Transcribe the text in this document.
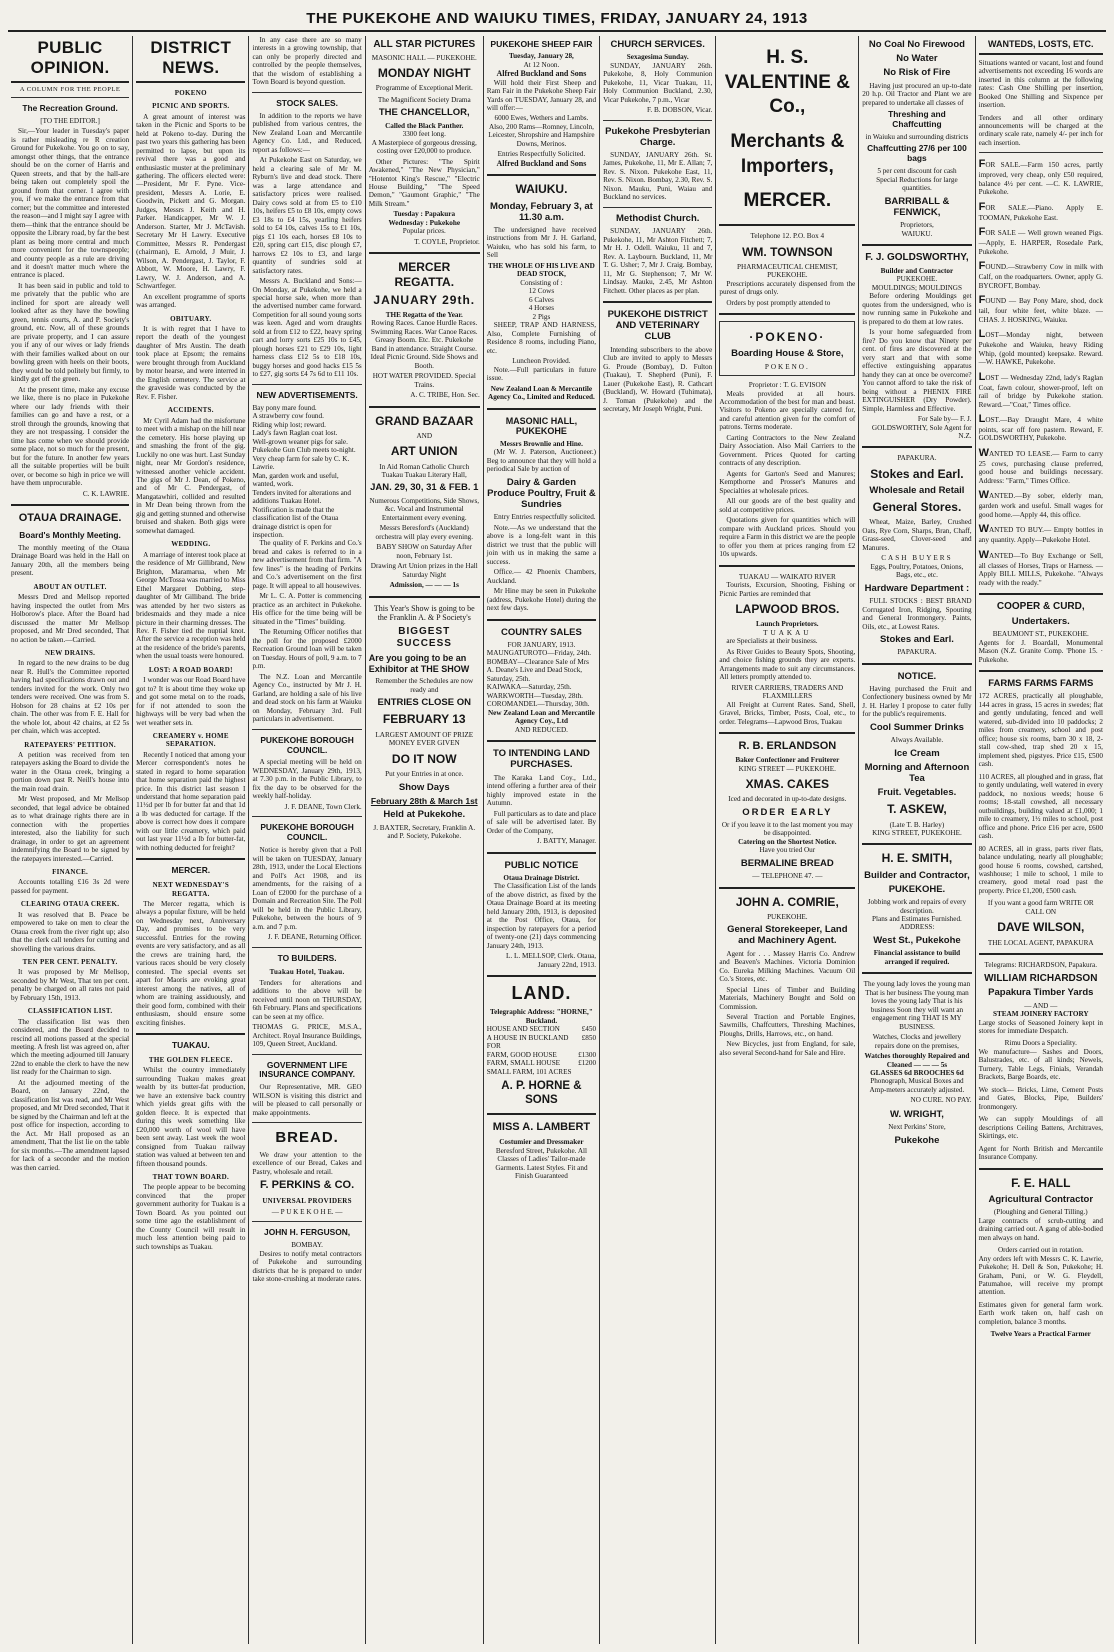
THE PUKEKOHE AND WAIUKU TIMES, FRIDAY, JANUARY 24, 1913
PUBLIC OPINION.
A COLUMN FOR THE PEOPLE
The Recreation Ground.
[TO THE EDITOR.]

Sir,—Your leader in Tuesday's paper is rather misleading re R creation Ground for Pukekohe. You go on to say, amongst other things, that the entrance should be on the corner of Harris and Queen streets, and that by the hall-are being taken out completely spoil the ground from that corner. I agree with you, if we make the entrance from that corner; but the committee and interested the reason—and I might say I agree with them—think that the entrance should be opposite the Library road, by far the best plant as being more central and much more convenient for the townspeople; and county people as a rule are driving and it doesn't matter much where the entrance is placed.

It has been said in public and told to me privately that the public who are inclined for sport are already well looked after as they have the bowling green, tennis courts, A. and P. Society's ground, etc. Now, all of these grounds are private property, and I can assure you if any of our wives or lady friends with their families walked about on our bowling green with heels on their boots, they would be told politely but firmly, to kindly get off the green.

At the present time, make any excuse we like, there is no place in Pukekohe where our lady friends with their families can go and have a rest, or a stroll through the grounds, knowing that they are not trespassing. I consider the time has come when we should provide some place, not so much for the present, but for the future. In another few years all the suitable properties will be built over, or become so high in price we will have them unprocurable.

C. K. LAWRIE.
OTAUA DRAINAGE.
Board's Monthly Meeting.

The monthly meeting of the Otaua Drainage Board was held in the Hall on January 20th, all the members being present.

ABOUT AN OUTLET.

Messrs Dred and Mellsop reported having inspected the outlet from Mrs Holborow's place. After the Board had discussed the matter Mr Mellsop proposed, and Mr Dred seconded, That no action be taken.—Carried.

NEW DRAINS.

In regard to the new drains to be dug near R. Hull's the Committee reported having had specifications drawn out and tenders invited for the work. Only two tenders were received. One was from S. Hobson for 28 chains at £2 10s per chain. The other was from F. E. Hall for the whole lot, about 42 chains, at £2 5s per chain, which was accepted.

RATEPAYERS' PETITION.

A petition was received from ten ratepayers asking the Board to divide the water in the Otaua creek, bringing a portion down past R. Neill's house into the main road drain.

Mr West proposed, and Mr Mellsop seconded, that legal advice be obtained as to what drainage rights there are in connection with the properties interested, also the liability for such drainage, in order to get an agreement indemnifying the Board to be signed by the ratepayers interested.—Carried.

FINANCE.

Accounts totalling £16 3s 2d were passed for payment.

CLEARING OTAUA CREEK.

It was resolved that B. Peace be empowered to take on men to clear the Otaua creek from the river right up; also that the clerk call tenders for cutting and shovelling the various drains.

TEN PER CENT. PENALTY.

It was proposed by Mr Mellsop, seconded by Mr West, That ten per cent. penalty be charged on all rates not paid by February 15th, 1913.

CLASSIFICATION LIST.

The classification list was then considered, and the Board decided to rescind all motions passed at the special meeting. A fresh list was agreed on, after which the meeting adjourned till January 22nd to enable the clerk to have the new list ready for the Chairman to sign.

At the adjourned meeting of the Board, on January 22nd, the classification list was read, and Mr West proposed, and Mr Dred seconded, That it be signed by the Chairman and left at the post office for inspection, according to the Act. Mr Hall proposed as an amendment, That the list lie on the table for six months.—The amendment lapsed for lack of a seconder and the motion was then carried.

DISTRICT NEWS.
POKENO
PICNIC AND SPORTS.

A great amount of interest was taken in the Picnic and Sports to be held at Pokeno to-day. During the past two years this gathering has been permitted to lapse, but upon its revival there was a good and enthusiastic muster at the preliminary gathering. The officers elected were:—President, Mr F. Pyne. Vice-president, Messrs A. Lorie, E. Goodwin, Pickett and G. Morgan. Judges, Messrs J. Keith and H. Parker. Handicapper, Mr W. J. Anderson. Starter, Mr J. McTavish. Secretary Mr H Lawry. Executive Committee, Messrs R. Pendergast (chairman), E. Arnold, J Muir, J. Wilson, A. Pendergast, J. Taylor, F. Abbott, W. Moore, H. Lawry, F. Lawry, W. J. Anderson, and A. Schwartfeger.

An excellent programme of sports was arranged.

OBITUARY.

It is with regret that I have to report the death of the youngest daughter of Mrs Austin. The death took place at Epsom; the remains were brought through from Auckland by motor hearse, and were interred in the English cemetery. The service at the graveside was conducted by the Rev. F. Fisher.

ACCIDENTS.

Mr Cyril Adam had the misfortune to meet with a mishap on the hill near the cemetery. His horse playing up and smashing the front of the gig. Luckily no one was hurt. Last Sunday night, near Mr Gordon's residence, witnessed another vehicle accident. The gigs of Mr J. Dean, of Pokeno, and of Mr C. Pendergast, of Mangatawhiri, collided and resulted in Mr Dean being thrown from the gig and getting stunned and otherwise bruised and shaken. Both gigs were somewhat damaged.

WEDDING.

A marriage of interest took place at the residence of Mr Gillibrand, New Brighton, Maramarua, when Mr George McTossa was married to Miss Ethel Margaret Dobbing, step-daughter of Mr Gilliband. The bride was attended by her two sisters as bridesmaids and they made a nice picture in their charming dresses. The Rev. F. Fisher tied the nuptial knot. After the service a reception was held at the residence of the bride's parents, when the usual toasts were honoured.

LOST: A ROAD BOARD!

I wonder was our Road Board have got to? It is about time they woke up and got some metal on to the roads, for if not attended to soon the highways will be very bad when the wet weather sets in.

CREAMERY v. HOME SEPARATION.

Recently I noticed that among your Mercer correspondent's notes he stated in regard to home separation that home separation paid the highest price. In this district last season I understand that home separation paid 11½d per lb for butter fat and that 1d a lb was deducted for cartage. If the above is correct how does it compare with our little creamery, which paid out last year 11½d a lb for butter-fat, with nothing deducted for freight?

MERCER.
NEXT WEDNESDAY'S REGATTA.

The Mercer regatta, which is always a popular fixture, will be held on Wednesday next, Anniversary Day, and promises to be very successful. Entries for the rowing events are very satisfactory, and as all the crews are training hard, the various races should be very closely contested. The special events set apart for Maoris are evoking great interest among the natives, all of whom are training assiduously, and their good form, combined with their enthusiasm, should ensure some exciting finishes.

TUAKAU.
THE GOLDEN FLEECE.

Whilst the country immediately surrounding Tuakau makes great wealth by its butter-fat production, we have an extensive back country which yields great gifts with the golden fleece. It is expected that during this week something like £20,000 worth of wool will have been sent away. Last week the wool consigned from Tuakau railway station was valued at between ten and fifteen thousand pounds.

THAT TOWN BOARD.

The people appear to be becoming convinced that the proper government authority for Tuakau is a Town Board. As you pointed out some time ago the establishment of the County Council will result in much less attention being paid to such townships as Tuakau.

In any case there are so many interests in a growing township, that can only be properly directed and controlled by the people themselves, that the wisdom of establishing a Town Board is beyond question.

STOCK SALES.

In addition to the reports we have published from various centres, the New Zealand Loan and Mercantile Agency Co. Ltd., and Reduced, report as follows:—

At Pukekohe East on Saturday, we held a clearing sale of Mr M. Ryburn's live and dead stock. There was a large attendance and satisfactory prices were realised. Dairy cows sold at from £5 to £10 10s, heifers £5 to £8 10s, empty cows £3 18s to £4 15s, yearling heifers sold to £4 10s, calves 15s to £1 10s, pigs £1 10s each, horses £8 10s to £20, spring cart £15, disc plough £7, harrows £2 10s to £3, and large quantity of sundries sold at satisfactory rates.

Messrs A. Buckland and Sons:—On Monday, at Pukekohe, we held a special horse sale, when more than the advertised number came forward. Competition for all sound young sorts was keen. Aged and worn draughts sold at from £12 to £22, heavy spring cart and lorry sorts £25 10s to £45, plough horses £21 to £29 10s, light harness class £12 5s to £18 10s, buggy horses and good hacks £15 5s to £27, gig sorts £4 7s 6d to £11 10s.

NEW ADVERTISEMENTS.
Bay pony mare found.
A strawberry cow found.
Riding whip lost; reward.
Lady's fawn Raglan coat lost.
Well-grown weaner pigs for sale.
Pukekohe Gun Club meets to-night.
Very cheap farm for sale by C. K. Lawrie.
Man, garden work and useful, wanted, work.
Tenders invited for alterations and additions Tuakau Hotel.
Notification is made that the classification list of the Otaua drainage district is open for inspection.

The quality of F. Perkins and Co.'s bread and cakes is referred to in a new advertisement from that firm. "A few lines" is the heading of Perkins and Co.'s advertisement on the first page. It will appeal to all housewives.

Mr L. C. A. Potter is commencing practice as an architect in Pukekohe. His office for the time being will be situated in the "Times" building.

The Returning Officer notifies that the poll for the proposed £2000 Recreation Ground loan will be taken on Tuesday. Hours of poll, 9 a.m. to 7 p.m.

The N.Z. Loan and Mercantile Agency Co., instructed by Mr J. H. Garland, are holding a sale of his live and dead stock on his farm at Waiuku on Monday, February 3rd. Full particulars in advertisement.

PUKEKOHE BOROUGH COUNCIL.

A special meeting will be held on WEDNESDAY, January 29th, 1913, at 7.30 p.m. in the Public Library, to fix the day to be observed for the weekly half-holiday.

J. F. DEANE, Town Clerk.
PUKEKOHE BOROUGH COUNCIL.

Notice is hereby given that a Poll will be taken on TUESDAY, January 28th, 1913, under the Local Elections and Poll's Act 1908, and its amendments, for the raising of a Loan of £2000 for the purchase of a Domain and Recreation Site. The Poll will be held in the Public Library, Pukekohe, between the hours of 9 a.m. and 7 p.m.

J. F. DEANE, Returning Officer.
TO BUILDERS.
Tuakau Hotel, Tuakau.

Tenders for alterations and additions to the above will be received until noon on THURSDAY, 6th February. Plans and specifications can be seen at my office.

THOMAS G. PRICE, M.S.A., Architect. Royal Insurance Buildings, 109, Queen Street, Auckland.

GOVERNMENT LIFE INSURANCE COMPANY.

Our Representative, MR. GEO WILSON is visiting this district and will be pleased to call personally or make appointments.

BREAD.

We draw your attention to the excellence of our Bread, Cakes and Pastry, wholesale and retail.

F. PERKINS & CO.
UNIVERSAL PROVIDERS
— P U K E K O H E. —
JOHN H. FERGUSON,
BOMBAY.

Desires to notify metal contractors of Pukekohe and surrounding districts that he is prepared to under take stone-crushing at moderate rates.

ALL STAR PICTURES
MASONIC HALL — PUKEKOHE.
MONDAY NIGHT
Programme of Exceptional Merit.
The Magnificent Society Drama
THE CHANCELLOR,
Called the Black Panther.
3300 feet long.

A Masterpiece of gorgeous dressing, costing over £20,000 to produce.

Other Pictures: "The Spirit Awakened," "The New Physician," "Hotentot King's Rescue," "Electric House Building," "The Speed Demon," "Gaumont Graphic," "The Milk Stream."

Tuesday : Papakura
Wednesday : Pukekohe
Popular prices.
T. COYLE, Proprietor.
MERCER REGATTA.
JANUARY 29th.
THE Regatta of the Year.

Rowing Races. Canoe Hurdle Races. Swimming Races. War Canoe Races. Greasy Boom. Etc. Etc. Pukekohe Band in attendance. Straight Course. Ideal Picnic Ground. Side Shows and Booth.

HOT WATER PROVIDED. Special Trains.
A. C. TRIBE, Hon. Sec.
GRAND BAZAAR
AND
ART UNION
In Aid Roman Catholic Church Tuakau Tuakau Literary Hall,
JAN. 29, 30, 31 & FEB. 1

Numerous Competitions, Side Shows, &c. Vocal and Instrumental Entertainment every evening.

Messrs Beresford's (Auckland) orchestra will play every evening.

BABY SHOW on Saturday After noon, February 1st.

Drawing Art Union prizes in the Hall Saturday Night

Admission, — — — 1s
This Year's Show is going to be the Franklin A. & P Society's
BIGGEST SUCCESS
Are you going to be an Exhibitor at THE SHOW
Remember the Schedules are now ready and
ENTRIES CLOSE ON
FEBRUARY 13
LARGEST AMOUNT OF PRIZE MONEY EVER GIVEN
DO IT NOW
Put your Entries in at once.
Show Days
February 28th & March 1st
Held at Pukekohe.

J. BAXTER, Secretary, Franklin A. and P. Society, Pukekohe.

PUKEKOHE SHEEP FAIR
Tuesday, January 28,
At 12 Noon.
Alfred Buckland and Sons

Will hold their First Sheep and Ram Fair in the Pukekohe Sheep Fair Yards on TUESDAY, January 28, and will offer:—

6000 Ewes, Wethers and Lambs. Also, 200 Rams—Romney, Lincoln, Leicester, Shropshire and Hampshire Downs, Merinos.

Entries Respectfully Solicited.
Alfred Buckland and Sons
WAIUKU.
Monday, February 3, at 11.30 a.m.

The undersigned have received instructions from Mr J. H. Garland, Waiuku, who has sold his farm, to Sell

THE WHOLE OF HIS LIVE AND DEAD STOCK,
Consisting of :
12 Cows
6 Calves
4 Horses
2 Pigs

SHEEP, TRAP AND HARNESS, Also, Complete Furnishing of Residence 8 rooms, including Piano, etc.

Luncheon Provided.

Note.—Full particulars in future issue.

New Zealand Loan & Mercantile Agency Co., Limited and Reduced.
MASONIC HALL, PUKEKOHE
Messrs Brownlie and Hine.

(Mr W. J. Paterson, Auctioneer.) Beg to announce that they will hold a periodical Sale by auction of

Dairy & Garden Produce Poultry, Fruit & Sundries

Entry Entries respectfully solicited.

Note.—As we understand that the above is a long-felt want in this district we trust that the public will join with us in making the same a success.

Office.— 42 Phoenix Chambers, Auckland.

Mr Hine may be seen in Pukekohe (address, Pukekohe Hotel) during the next few days.

COUNTRY SALES
FOR JANUARY, 1913.
MAUNGATUROTO—Friday, 24th.
BOMBAY—Clearance Sale of Mrs A. Deane's Live and Dead Stock, Saturday, 25th.
KAIWAKA—Saturday, 25th.
WARKWORTH—Tuesday, 28th.
COROMANDEL—Thursday, 30th.
New Zealand Loan and Mercantile Agency Coy., Ltd
AND REDUCED.
TO INTENDING LAND PURCHASES.

The Karaka Land Coy., Ltd., intend offering a further area of their highly improved estate in the Autumn.

Full particulars as to date and place of sale will be advertised later. By Order of the Company,

J. BATTY, Manager.
PUBLIC NOTICE
Otaua Drainage District.

The Classification List of the lands of the above district, as fixed by the Otaua Drainage Board at its meeting held January 20th, 1913, is deposited at the Post Office, Otaua, for inspection by ratepayers for a period of twenty-one (21) days commencing January 24th, 1913.

L. L. MELLSOP, Clerk. Otaua, January 22nd, 1913.
LAND.
Telegraphic Address: "HORNE," Buckland.
HOUSE AND SECTION	£450
A HOUSE IN BUCKLAND FOR
£850
FARM, GOOD HOUSE	£1300
FARM, SMALL HOUSE	£1200
SMALL FARM, 101 ACRES
A. P. HORNE & SONS
MISS A. LAMBERT
Costumier and Dressmaker

Beresford Street, Pukekohe. All Classes of Ladies' Tailor-made Garments. Latest Styles. Fit and Finish Guaranteed

CHURCH SERVICES.
Sexagesima Sunday.

SUNDAY, JANUARY 26th. Pukekohe, 8, Holy Communion Pukekohe, 11, Vicar Tuakau, 11, Holy Communion Buckland, 2.30, Vicar Pukekohe, 7 p.m., Vicar

F. B. DOBSON, Vicar.
Pukekohe Presbyterian Charge.

SUNDAY, JANUARY 26th. St. James, Pukekohe, 11, Mr E. Allan; 7, Rev. S. Nixon. Pukekohe East, 11, Rev. S. Nixon. Bombay, 2.30, Rev. S. Nixon. Mauku, Puni, Waiau and Buckland no services.

Methodist Church.

SUNDAY, JANUARY 26th. Pukekohe, 11, Mr Ashton Fitchett; 7, Mr H. J. Odell. Waiuku, 11 and 7, Rev. A. Laybourn. Buckland, 11, Mr T. G. Usher; 7, Mr J. Craig. Bombay, 11, Mr G. Stephenson; 7, Mr W. Lindsay. Mauku, 2.45, Mr Ashton Fitchett. Other places as per plan.

PUKEKOHE DISTRICT AND VETERINARY CLUB

Intending subscribers to the above Club are invited to apply to Messrs G. Proude (Bombay), D. Fulton (Tuakau), T. Shepherd (Puni), F. Lauer (Pukekohe East), R. Cathcart (Buckland), W. Howard (Tuhimata), J. Toman (Pukekohe) and the secretary, Mr Joseph Wright, Puni.

H. S. VALENTINE & Co.,
Merchants & Importers,
MERCER.
Telephone 12. P.O. Box 4
WM. TOWNSON
PHARMACEUTICAL CHEMIST, PUKEKOHE.

Prescriptions accurately dispensed from the purest of drugs only.

Orders by post promptly attended to

·POKENO·
Boarding House & Store,
POKENO.
Proprietor : T. G. EVISON

Meals provided at all hours. Accommodation of the best for man and beast. Visitors to Pokeno are specially catered for, and careful attention given for the comfort of patrons. Terms moderate.

Carting Contractors to the New Zealand Dairy Association. Also Mail Carriers to the Government. Prices Quoted for carting contracts of any description.

Agents for Garton's Seed and Manures; Kempthorne and Prosser's Manures and Specialties at wholesale prices.

All our goods are of the best quality and sold at competitive prices.

Quotations given for quantities which will compare with Auckland prices. Should you require a Farm in this district we are the people to offer you them at prices ranging from £2 10s upwards.

TUAKAU — WAIKATO RIVER

Tourists, Excursion, Shooting, Fishing or Picnic Parties are reminded that

LAPWOOD BROS.
Launch Proprietors.
TUAKAU

are Specialists at their business.

As River Guides to Beauty Spots, Shooting, and choice fishing grounds they are experts. Arrangements made to suit any circumstances. All letters promptly attended to.

RIVER CARRIERS, TRADERS AND FLAXMILLERS

All Freight at Current Rates. Sand, Shell, Gravel, Bricks, Timber, Posts, Coal, etc., to order. Telegrams—Lapwood Bros, Tuakau

R. B. ERLANDSON
Baker Confectioner and Fruiterer
KING STREET — PUKEKOHE.
XMAS. CAKES
Iced and decorated in up-to-date designs.
ORDER EARLY
Or if you leave it to the last moment you may be disappointed.
Catering on the Shortest Notice.
Have you tried Our
BERMALINE BREAD
— TELEPHONE 47. —
JOHN A. COMRIE,
PUKEKOHE.
General Storekeeper, Land and Machinery Agent.

Agent for . . . Massey Harris Co. Andrew and Beaven's Machines. Victoria Dominion Co. Eureka Milking Machines. Vacuum Oil Co.'s Stores, etc.

Special Lines of Timber and Building Materials, Machinery Bought and Sold on Commission.

Several Traction and Portable Engines, Sawmills, Chaffcutters, Threshing Machines, Ploughs, Drills, Harrows, etc., on hand.

New Bicycles, just from England, for sale, also several Second-hand for Sale and Hire.

No Coal No Firewood
No Water
No Risk of Fire

Having just procured an up-to-date 20 h.p. Oil Tractor and Plant we are prepared to undertake all classes of

Threshing and Chaffcutting
in Waiuku and surrounding districts
Chaffcutting 27/6 per 100 bags
5 per cent discount for cash
Special Reductions for large quantities.
BARRIBALL & FENWICK,
Proprietors,
WAIUKU.
F. J. GOLDSWORTHY,
Builder and Contractor
PUKEKOHE.
MOULDINGS; MOULDINGS

Before ordering Mouldings get quotes from the undersigned, who is now running same in Pukekohe and is prepared to do them at low rates.

Is your home safeguarded from fire? Do you know that Ninety per cent. of fires are discovered at the very start and that with some effective extinguishing apparatus handy they can at once be overcome? You cannot afford to take the risk of being without a PHENIX FIRE EXTINGUISHER (Dry Powder). Simple, Harmless and Effective.

For Sale by— F. J. GOLDSWORTHY, Sole Agent for N.Z.
PAPAKURA.
Stokes and Earl.
Wholesale and Retail
General Stores.

Wheat, Maize, Barley, Crushed Oats, Rye Corn, Sharps, Bran, Chaff, Grass-seed, Clover-seed and Manures.

CASH BUYERS
Eggs, Poultry, Potatoes, Onions, Bags, etc., etc.
Hardware Department :

FULL STOCKS : BEST BRAND Corrugated Iron, Ridging, Spouting and General Ironmongery. Paints, Oils, etc., at Lowest Rates.

Stokes and Earl.
PAPAKURA.
NOTICE.

Having purchased the Fruit and Confectionery business owned by Mr J. H. Harley I propose to cater fully for the public's requirements.

Cool Summer Drinks
Always Available.
Ice Cream
Morning and Afternoon Tea
Fruit. Vegetables.
T. ASKEW,
(Late T. B. Harley)
KING STREET, PUKEKOHE.
H. E. SMITH,
Builder and Contractor,
PUKEKOHE.
Jobbing work and repairs of every description.
Plans and Estimates Furnished.
ADDRESS:
West St., Pukekohe
Financial assistance to build arranged if required.

The young lady loves the young man That is her business The young man loves the young lady That is his business Soon they will want an engagement ring THAT IS MY BUSINESS.

Watches, Clocks and jewellery repairs done on the premises,

Watches thoroughly Repaired and Cleaned — — — 5s
GLASSES 6d BROOCHES 6d
Phonograph, Musical Boxes and Amp-meters accurately adjusted.
NO CURE. NO PAY.
W. WRIGHT,
Next Perkins' Store,
Pukekohe
WANTEDS, LOSTS, ETC.

Situations wanted or vacant, lost and found advertisements not exceeding 16 words are inserted in this column at the following rates: Cash One Shilling per insertion, Booked One Shilling and Sixpence per insertion.

Tenders and all other ordinary announcements will be charged at the ordinary scale rate, namely 4/- per inch for each insertion.

FOR SALE.—Farm 150 acres, partly improved, very cheap, only £50 required, balance 4½ per cent. —C. K. LAWRIE, Pukekohe.

FOR SALE.—Piano. Apply E. TOOMAN, Pukekohe East.

FOR SALE — Well grown weaned Pigs.—Apply, E. HARPER, Rosedale Park, Pukekohe.

FOUND.—Strawberry Cow in milk with Calf, on the roadquarters. Owner, apply G. BYCROFT, Bombay.

FOUND — Bay Pony Mare, shod, dock tail, four white feet, white blaze. — CHAS. J. HOSKING, Waiuku.

LOST—Monday night, between Pukekohe and Waiuku, heavy Riding Whip, (gold mounted) keepsake. Reward.—W. HAWKE, Pukekohe.

LOST — Wednesday 22nd, lady's Raglan Coat, fawn colour, shower-proof, left on rail of bridge by Pukekohe station. Reward.—"Coat," Times office.

LOST.—Bay Draught Mare, 4 white points, scar off fore pastern. Reward, F. GOLDSWORTHY, Pukekohe.

WANTED TO LEASE.— Farm to carry 25 cows, purchasing clause preferred, good house and buildings necessary. Address: "Farm," Times Office.

WANTED.—By sober, elderly man, garden work and useful. Small wages for good home.—Apply 44, this office.

WANTED TO BUY.— Empty bottles in any quantity. Apply—Pukekohe Hotel.

WANTED—To Buy Exchange or Sell, all classes of Horses, Traps or Harness. — Apply BILL MILLS, Pukekohe. "Always ready with the ready."

COOPER & CURD,
Undertakers.
BEAUMONT ST., PUKEKOHE.

Agents for J. Boardall, Monumental Mason (N.Z. Granite Comp. 'Phone 15. · Pukekohe.

FARMS FARMS FARMS

172 ACRES, practically all ploughable, 144 acres in grass, 15 acres in swedes; flat and gently undulating, fenced and well watered, sub-divided into 10 paddocks; 2 miles from creamery, school and post office; house six rooms, barn 30 x 18, 2-stall cow-shed, trap shed 20 x 15, implement shed, pigstyes. Price £15, £500 cash.

110 ACRES, all ploughed and in grass, flat to gently undulating, well watered in every paddock, no noxious weeds; house 6 rooms; 18-stall cowshed, all necessary outbuildings, building valued at £1,000; 1 mile to creamery, 1½ miles to school, post office and phone. Price £16 per acre, £600 cash.

80 ACRES, all in grass, parts river flats, balance undulating, nearly all ploughable; good house 6 rooms, cowshed, cartshed, washhouse; 1 mile to school, 1 mile to creamery, good metal road past the property. Price £1,200, £500 cash.

If you want a good farm WRITE OR CALL ON
DAVE WILSON,
THE LOCAL AGENT, PAPAKURA
Telegrams: RICHARDSON, Papakura.
WILLIAM RICHARDSON
Papakura Timber Yards
— AND —
STEAM JOINERY FACTORY

Large stocks of Seasoned Joinery kept in stores for immediate Despatch.

Rimu Doors a Speciality.

We manufacture— Sashes and Doors, Balustrades, etc. of all kinds; Newels, Turnery, Table Legs, Finials, Verandah Brackets, Barge Boards, etc.

We stock— Bricks, Lime, Cement Posts and Gates, Blocks, Pipe, Builders' Ironmongery.

We can supply Mouldings of all descriptions Ceiling Battens, Architraves, Skirtings, etc.

Agent for North British and Mercantile Insurance Company.

F. E. HALL
Agricultural Contractor
(Ploughing and General Tilling.)

Large contracts of scrub-cutting and draining carried out. A gang of able-bodied men always on hand.

Orders carried out in rotation.

Any orders left with Messrs C. K. Lawrie, Pukekohe; H. Dell & Son, Pukekohe; H. Graham, Puni, or W. G. Fleydell, Patumahoe, will receive my prompt attention.

Estimates given for general farm work. Earth work taken on, half cash on completion, balance 3 months.

Twelve Years a Practical Farmer
